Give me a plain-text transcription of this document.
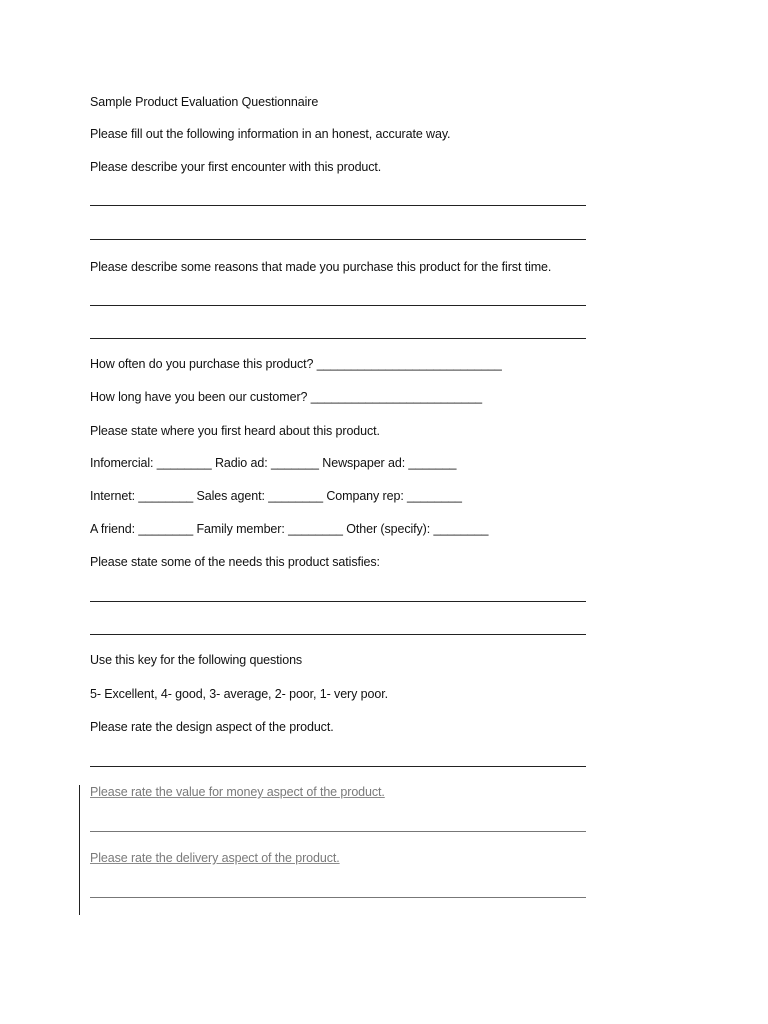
Sample Product Evaluation Questionnaire
Please fill out the following information in an honest, accurate way.
Please describe your first encounter with this product.
Please describe some reasons that made you purchase this product for the first time.
How often do you purchase this product? ___________________________
How long have you been our customer? _________________________
Please state where you first heard about this product.
Infomercial: ________ Radio ad: _______ Newspaper ad: _______
Internet: ________ Sales agent: ________ Company rep: ________
A friend: ________ Family member: ________ Other (specify): ________
Please state some of the needs this product satisfies:
Use this key for the following questions
5- Excellent, 4- good, 3- average, 2- poor, 1- very poor.
Please rate the design aspect of the product.
Please rate the value for money aspect of the product.
Please rate the delivery aspect of the product.
